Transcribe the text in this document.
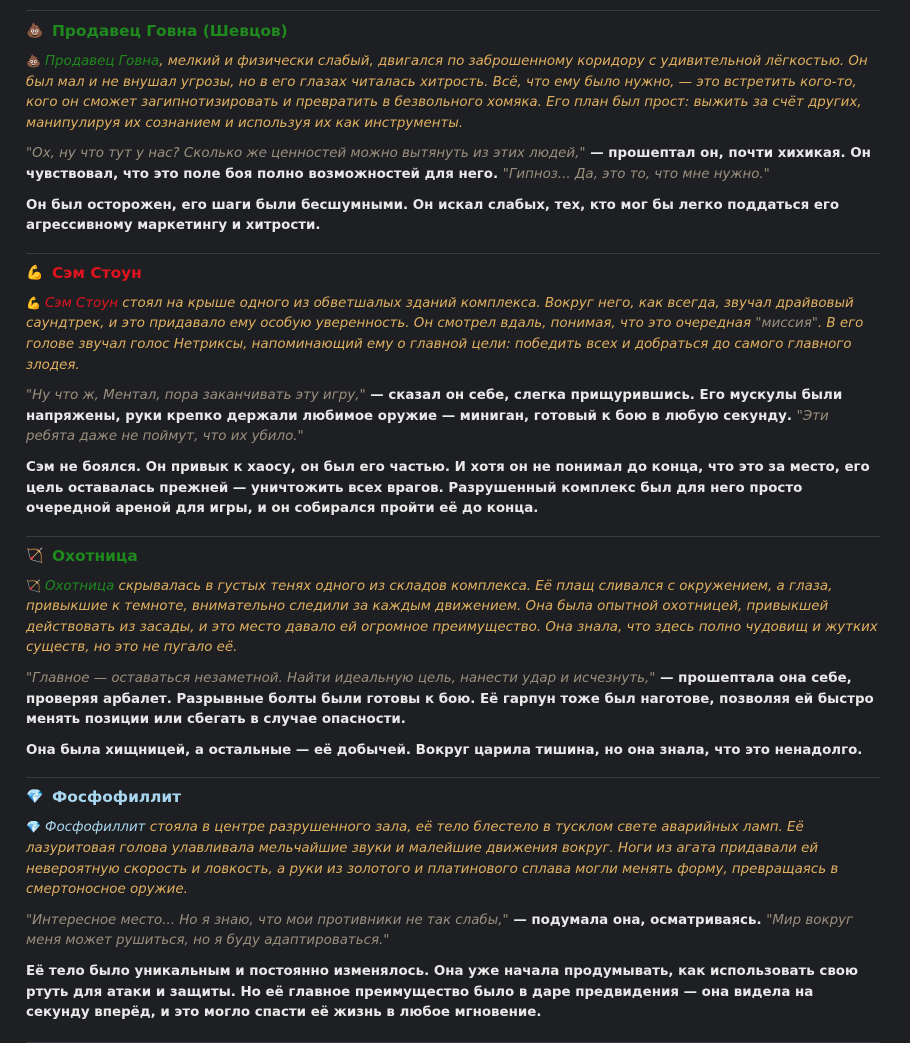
💩 Продавец Говна (Шевцов)

💩 Продавец Говна, мелкий и физически слабый, двигался по заброшенному коридору с удивительной лёгкостью. Он был мал и не внушал угрозы, но в его глазах читалась хитрость. Всё, что ему было нужно, — это встретить кого-то, кого он сможет загипнотизировать и превратить в безвольного хомяка. Его план был прост: выжить за счёт других, манипулируя их сознанием и используя их как инструменты.

"Ох, ну что тут у нас? Сколько же ценностей можно вытянуть из этих людей," — прошептал он, почти хихикая. Он чувствовал, что это поле боя полно возможностей для него. "Гипноз... Да, это то, что мне нужно."

Он был осторожен, его шаги были бесшумными. Он искал слабых, тех, кто мог бы легко поддаться его агрессивному маркетингу и хитрости.

💪 Сэм Стоун

💪 Сэм Стоун стоял на крыше одного из обветшалых зданий комплекса. Вокруг него, как всегда, звучал драйвовый саундтрек, и это придавало ему особую уверенность. Он смотрел вдаль, понимая, что это очередная "миссия". В его голове звучал голос Нетриксы, напоминающий ему о главной цели: победить всех и добраться до самого главного злодея.

"Ну что ж, Ментал, пора заканчивать эту игру," — сказал он себе, слегка прищурившись. Его мускулы были напряжены, руки крепко держали любимое оружие — миниган, готовый к бою в любую секунду. "Эти ребята даже не поймут, что их убило."

Сэм не боялся. Он привык к хаосу, он был его частью. И хотя он не понимал до конца, что это за место, его цель оставалась прежней — уничтожить всех врагов. Разрушенный комплекс был для него просто очередной ареной для игры, и он собирался пройти её до конца.

🏹 Охотница

🏹 Охотница скрывалась в густых тенях одного из складов комплекса. Её плащ сливался с окружением, а глаза, привыкшие к темноте, внимательно следили за каждым движением. Она была опытной охотницей, привыкшей действовать из засады, и это место давало ей огромное преимущество. Она знала, что здесь полно чудовищ и жутких существ, но это не пугало её.

"Главное — оставаться незаметной. Найти идеальную цель, нанести удар и исчезнуть," — прошептала она себе, проверяя арбалет. Разрывные болты были готовы к бою. Её гарпун тоже был наготове, позволяя ей быстро менять позиции или сбегать в случае опасности.

Она была хищницей, а остальные — её добычей. Вокруг царила тишина, но она знала, что это ненадолго.

💎 Фосфофиллит

💎 Фосфофиллит стояла в центре разрушенного зала, её тело блестело в тусклом свете аварийных ламп. Её лазуритовая голова улавливала мельчайшие звуки и малейшие движения вокруг. Ноги из агата придавали ей невероятную скорость и ловкость, а руки из золотого и платинового сплава могли менять форму, превращаясь в смертоносное оружие.

"Интересное место... Но я знаю, что мои противники не так слабы," — подумала она, осматриваясь. "Мир вокруг меня может рушиться, но я буду адаптироваться."

Её тело было уникальным и постоянно изменялось. Она уже начала продумывать, как использовать свою ртуть для атаки и защиты. Но её главное преимущество было в даре предвидения — она видела на секунду вперёд, и это могло спасти её жизнь в любое мгновение.
